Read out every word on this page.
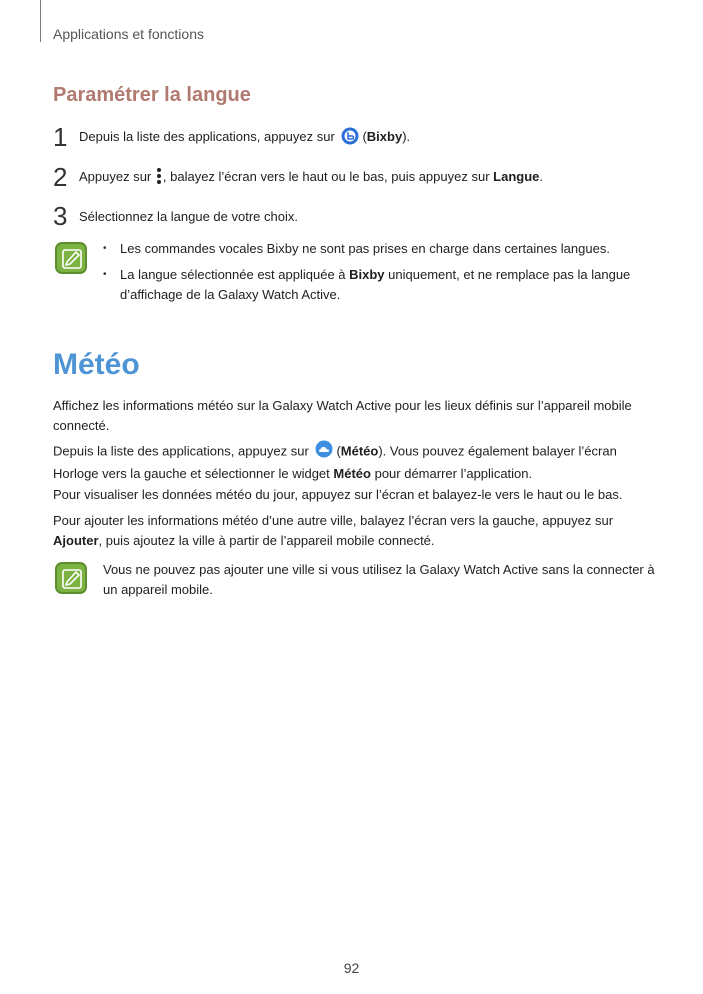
Applications et fonctions
Paramétrer la langue
1 Depuis la liste des applications, appuyez sur (Bixby).
2 Appuyez sur , balayez l’écran vers le haut ou le bas, puis appuyez sur Langue.
3 Sélectionnez la langue de votre choix.
• Les commandes vocales Bixby ne sont pas prises en charge dans certaines langues.
• La langue sélectionnée est appliquée à Bixby uniquement, et ne remplace pas la langue d’affichage de la Galaxy Watch Active.
Météo

Affichez les informations météo sur la Galaxy Watch Active pour les lieux définis sur l’appareil mobile connecté.

Depuis la liste des applications, appuyez sur (Météo). Vous pouvez également balayer l’écran Horloge vers la gauche et sélectionner le widget Météo pour démarrer l’application.

Pour visualiser les données météo du jour, appuyez sur l’écran et balayez-le vers le haut ou le bas.

Pour ajouter les informations météo d’une autre ville, balayez l’écran vers la gauche, appuyez sur Ajouter, puis ajoutez la ville à partir de l’appareil mobile connecté.

Vous ne pouvez pas ajouter une ville si vous utilisez la Galaxy Watch Active sans la connecter à un appareil mobile.

92
